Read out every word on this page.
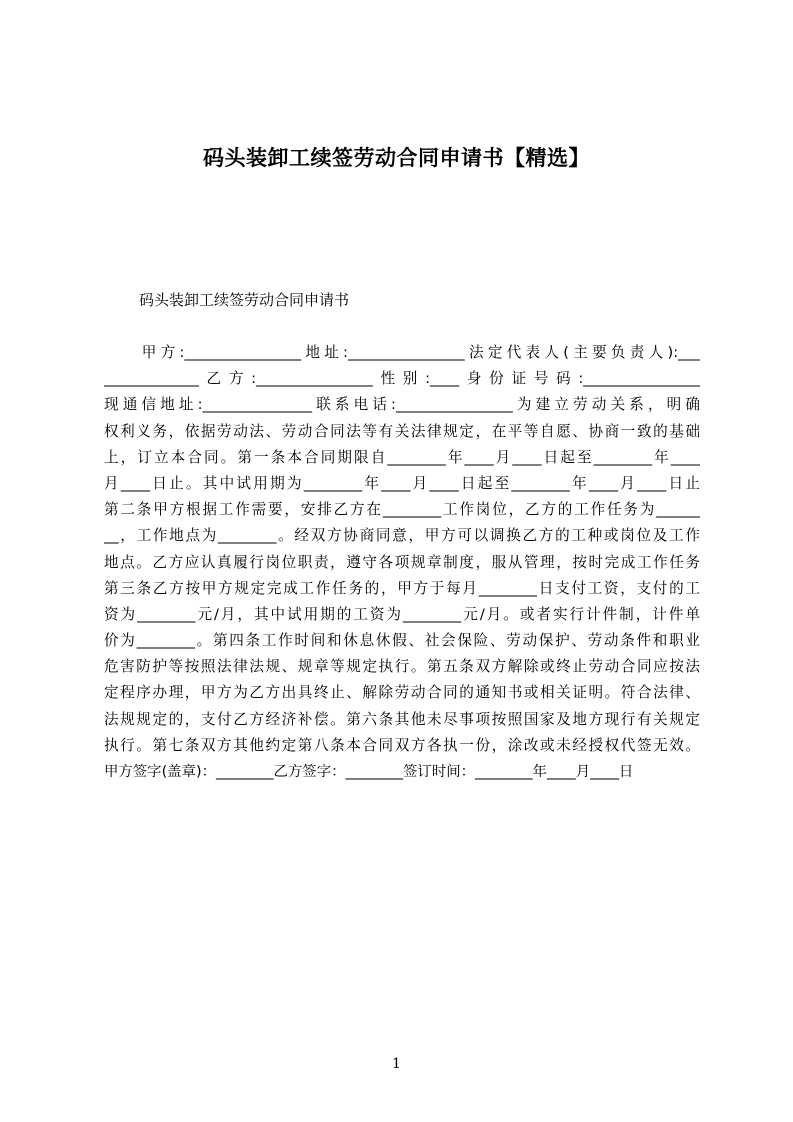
码头装卸工续签劳动合同申请书【精选】
码头装卸工续签劳动合同申请书
　　甲方:________________地址:________________法定代表人(主要负责人):___
_____________乙方:________________性别:____身份证号码:________________
现通信地址:_______________联系电话:________________为建立劳动关系，明确
权利义务，依据劳动法、劳动合同法等有关法律规定，在平等自愿、协商一致的基础
上，订立本合同。第一条本合同期限自________年____月____日起至________年____
月____日止。其中试用期为________年____月____日起至________年____月____日止
第二条甲方根据工作需要，安排乙方在________工作岗位，乙方的工作任务为______
__，工作地点为________。经双方协商同意，甲方可以调换乙方的工种或岗位及工作
地点。乙方应认真履行岗位职责，遵守各项规章制度，服从管理，按时完成工作任务
第三条乙方按甲方规定完成工作任务的，甲方于每月________日支付工资，支付的工
资为________元/月，其中试用期的工资为________元/月。或者实行计件制，计件单
价为________。第四条工作时间和休息休假、社会保险、劳动保护、劳动条件和职业
危害防护等按照法律法规、规章等规定执行。第五条双方解除或终止劳动合同应按法
定程序办理，甲方为乙方出具终止、解除劳动合同的通知书或相关证明。符合法律、
法规规定的，支付乙方经济补偿。第六条其他未尽事项按照国家及地方现行有关规定
执行。第七条双方其他约定第八条本合同双方各执一份，涂改或未经授权代签无效。
甲方签字(盖章)：________乙方签字：________签订时间：________年____月____日
1
